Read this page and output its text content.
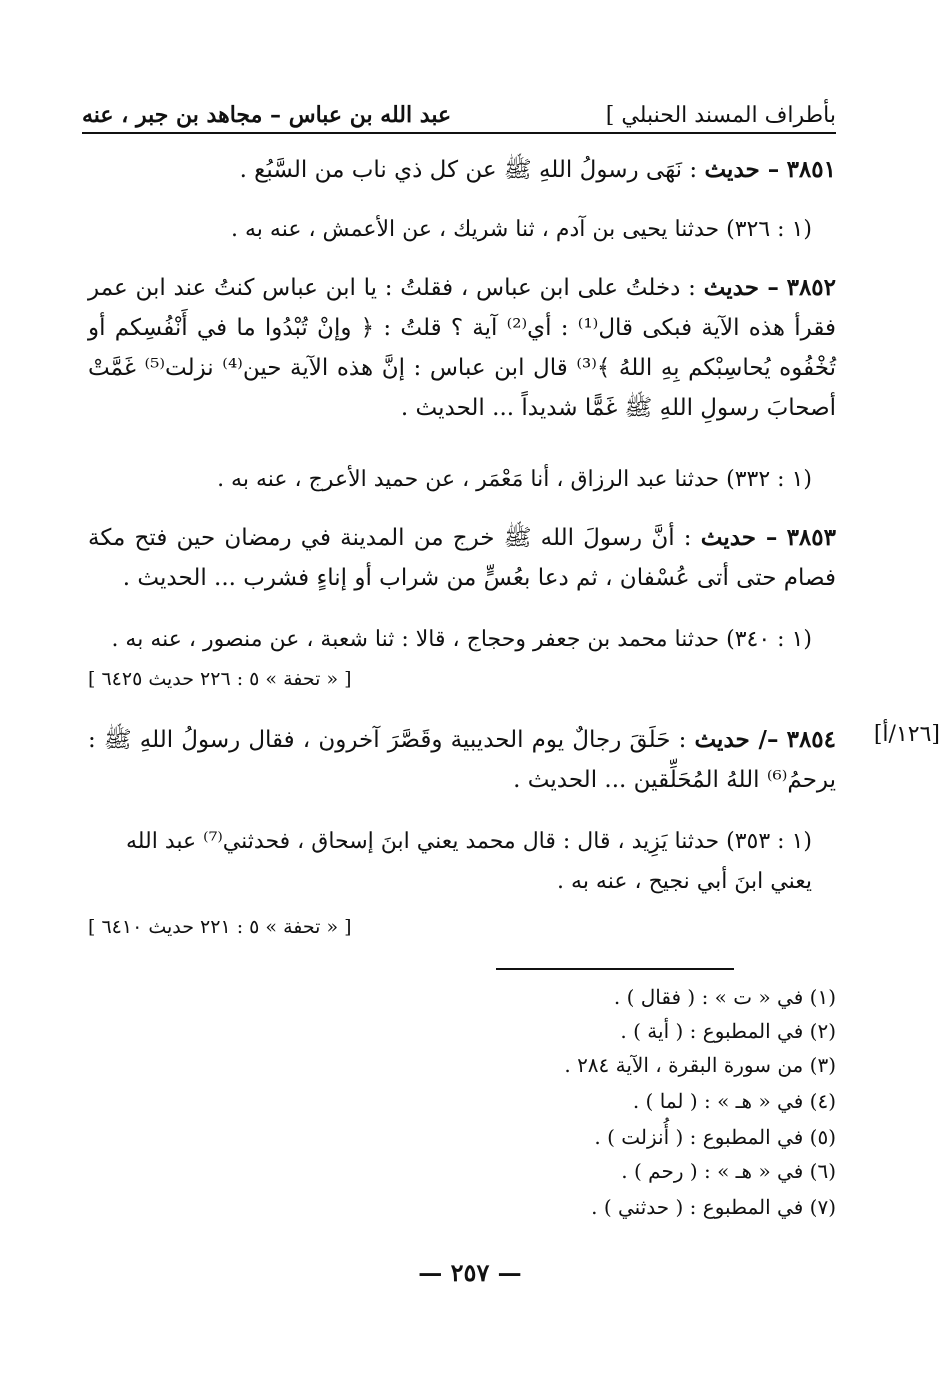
بأطراف المسند الحنبلي ]
عبد الله بن عباس – مجاهد بن جبر ، عنه
٣٨٥١ – حديث : نَهَى رسولُ اللهِ ﷺ عن كل ذي ناب من السَّبُع .
(١ : ٣٢٦) حدثنا يحيى بن آدم ، ثنا شريك ، عن الأعمش ، عنه به .
٣٨٥٢ – حديث : دخلتُ على ابن عباس ، فقلتُ : يا ابن عباس كنتُ عند ابن عمر فقرأ هذه الآية فبكى قال⁽¹⁾ : أي⁽²⁾ آية ؟ قلتُ : ﴿ وإنْ تُبْدُوا ما في أَنْفُسِكم أو تُخْفُوه يُحاسِبْكم بِهِ اللهُ ﴾⁽³⁾ قال ابن عباس : إنَّ هذه الآية حين⁽⁴⁾ نزلت⁽⁵⁾ غَمَّتْ أصحابَ رسولِ اللهِ ﷺ غَمًّا شديداً ... الحديث .
(١ : ٣٣٢) حدثنا عبد الرزاق ، أنا مَعْمَر ، عن حميد الأعرج ، عنه به .
٣٨٥٣ – حديث : أنَّ رسولَ الله ﷺ خرج من المدينة في رمضان حين فتح مكة فصام حتى أتى عُسْفان ، ثم دعا بعُسٍّ من شراب أو إناءٍ فشرب ... الحديث .
(١ : ٣٤٠) حدثنا محمد بن جعفر وحجاج ، قالا : ثنا شعبة ، عن منصور ، عنه به .
[ « تحفة » ٥ : ٢٢٦ حديث ٦٤٢٥ ]
[١٢٦/أ]
٣٨٥٤ –/ حديث : حَلَقَ رجالٌ يوم الحديبية وقَصَّرَ آخرون ، فقال رسولُ اللهِ ﷺ : يرحمُ⁽⁶⁾ اللهُ المُحَلِّقين ... الحديث .
(١ : ٣٥٣) حدثنا يَزِيد ، قال : قال محمد يعني ابنَ إسحاق ، فحدثني⁽⁷⁾ عبد الله يعني ابنَ أبي نجيح ، عنه به .
[ « تحفة » ٥ : ٢٢١ حديث ٦٤١٠ ]
(١) في « ت » : ( فقال ) .
(٢) في المطبوع : ( أية ) .
(٣) من سورة البقرة ، الآية ٢٨٤ .
(٤) في « هـ » : ( لما ) .
(٥) في المطبوع : ( أُنزلت ) .
(٦) في « هـ » : ( رحم ) .
(٧) في المطبوع : ( حدثني ) .
— ٢٥٧ —
